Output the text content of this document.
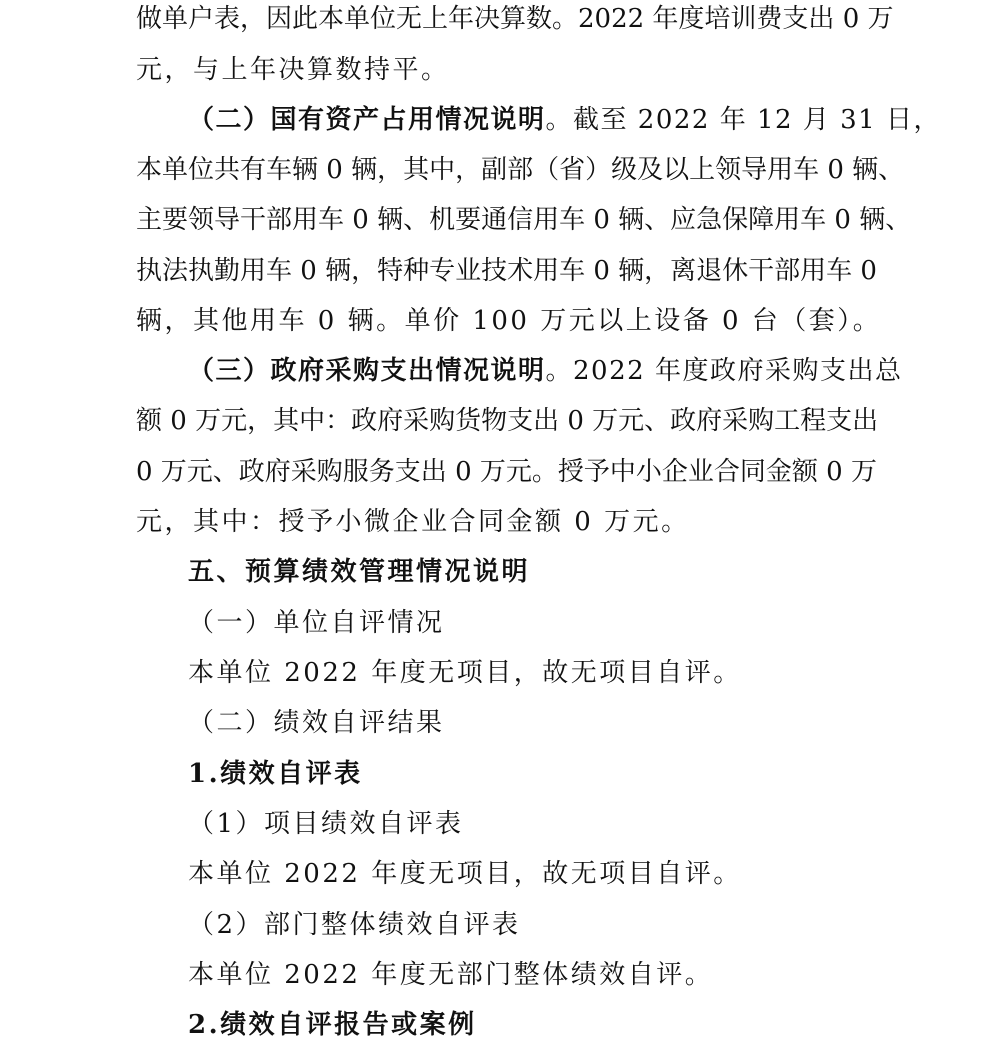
做单户表，因此本单位无上年决算数。2022 年度培训费支出 0 万
元，与上年决算数持平。
（二）国有资产占用情况说明。截至 2022 年 12 月 31 日，
本单位共有车辆 0 辆，其中，副部（省）级及以上领导用车 0 辆、
主要领导干部用车 0 辆、机要通信用车 0 辆、应急保障用车 0 辆、
执法执勤用车 0 辆，特种专业技术用车 0 辆，离退休干部用车 0
辆，其他用车 0 辆。单价 100 万元以上设备 0 台（套）。
（三）政府采购支出情况说明。2022 年度政府采购支出总
额 0 万元，其中：政府采购货物支出 0 万元、政府采购工程支出
0 万元、政府采购服务支出 0 万元。授予中小企业合同金额 0 万
元，其中：授予小微企业合同金额 0 万元。
五、预算绩效管理情况说明
（一）单位自评情况
本单位 2022 年度无项目，故无项目自评。
（二）绩效自评结果
1.绩效自评表
（1）项目绩效自评表
本单位 2022 年度无项目，故无项目自评。
（2）部门整体绩效自评表
本单位 2022 年度无部门整体绩效自评。
2.绩效自评报告或案例
